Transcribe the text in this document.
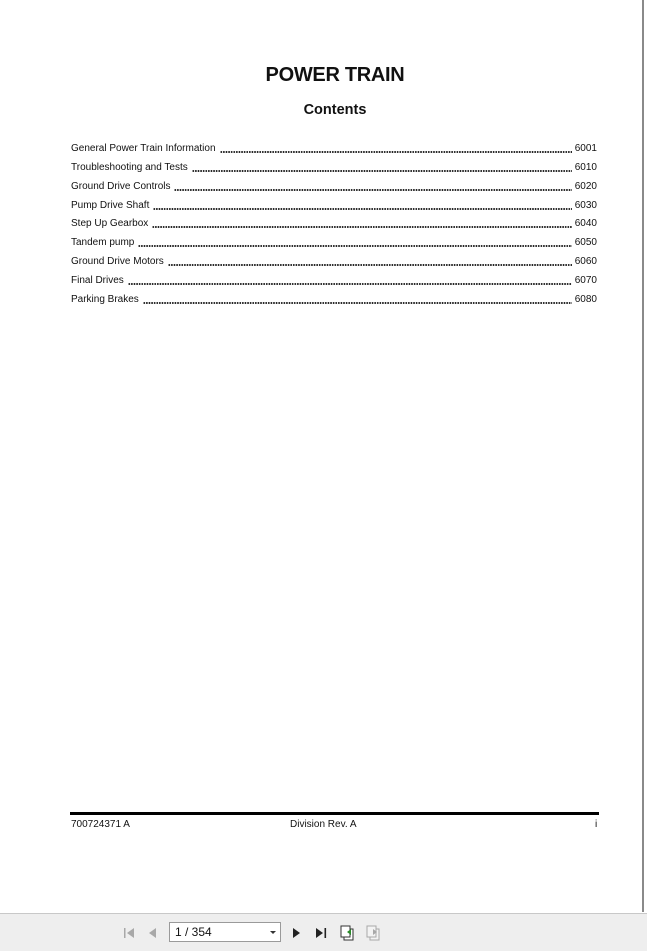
POWER TRAIN
Contents
General Power Train Information	6001
Troubleshooting and Tests	6010
Ground Drive Controls	6020
Pump Drive Shaft	6030
Step Up Gearbox	6040
Tandem pump	6050
Ground Drive Motors	6060
Final Drives	6070
Parking Brakes	6080
700724371 A	Division Rev. A	i
1 / 354
